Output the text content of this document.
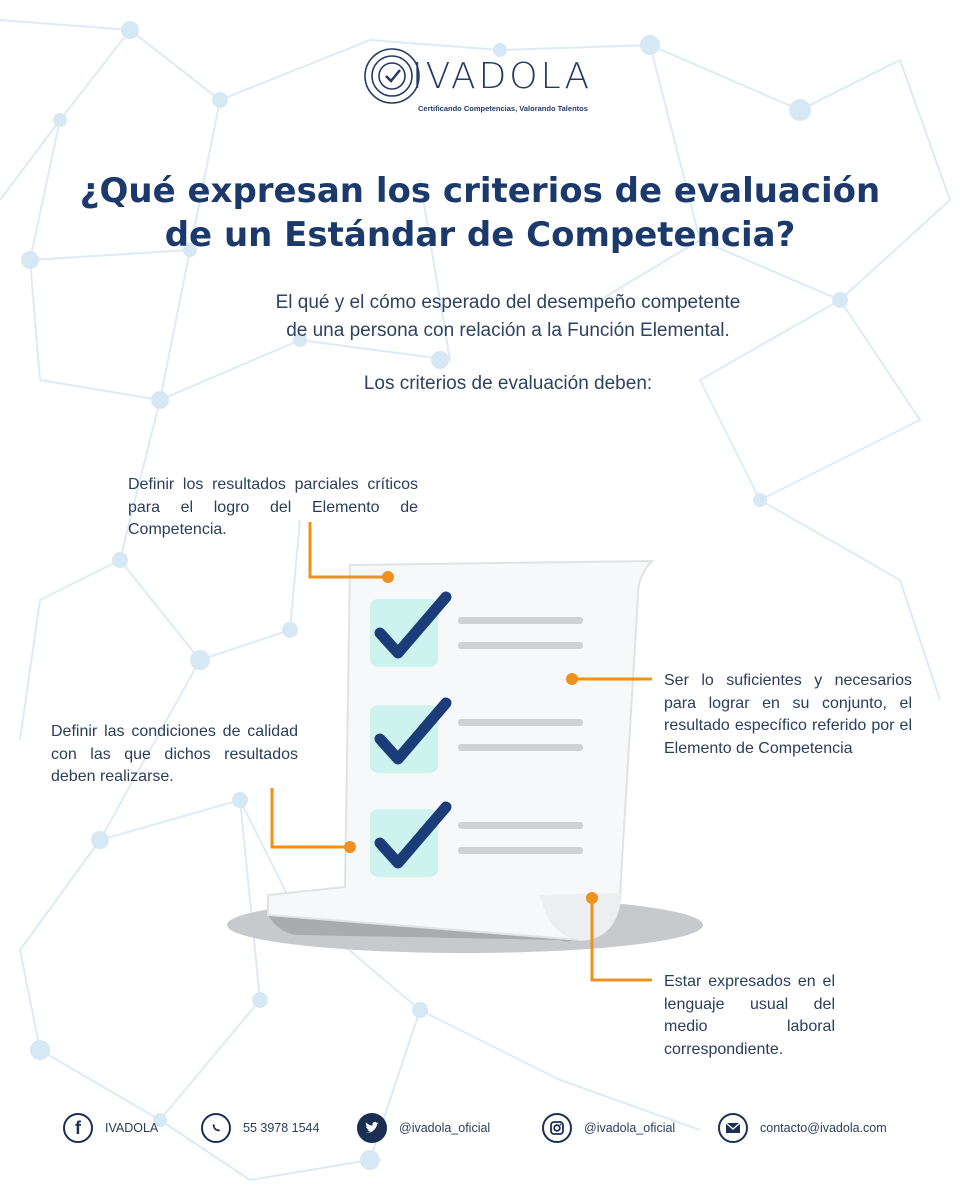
IVADOLA
Certificando Competencias, Valorando Talentos
¿Qué expresan los criterios de evaluación
de un Estándar de Competencia?
El qué y el cómo esperado del desempeño competente
de una persona con relación a la Función Elemental.
Los criterios de evaluación deben:
Definir los resultados parciales críticos para el logro del Elemento de Competencia.
Definir las condiciones de calidad con las que dichos resultados deben realizarse.
Ser lo suficientes y necesarios para lograr en su conjunto, el resultado específico referido por el Elemento de Competencia
Estar expresados en el lenguaje usual del medio laboral correspondiente.
f IVADOLA	55 3978 1544	@ivadola_oficial	@ivadola_oficial	contacto@ivadola.com
